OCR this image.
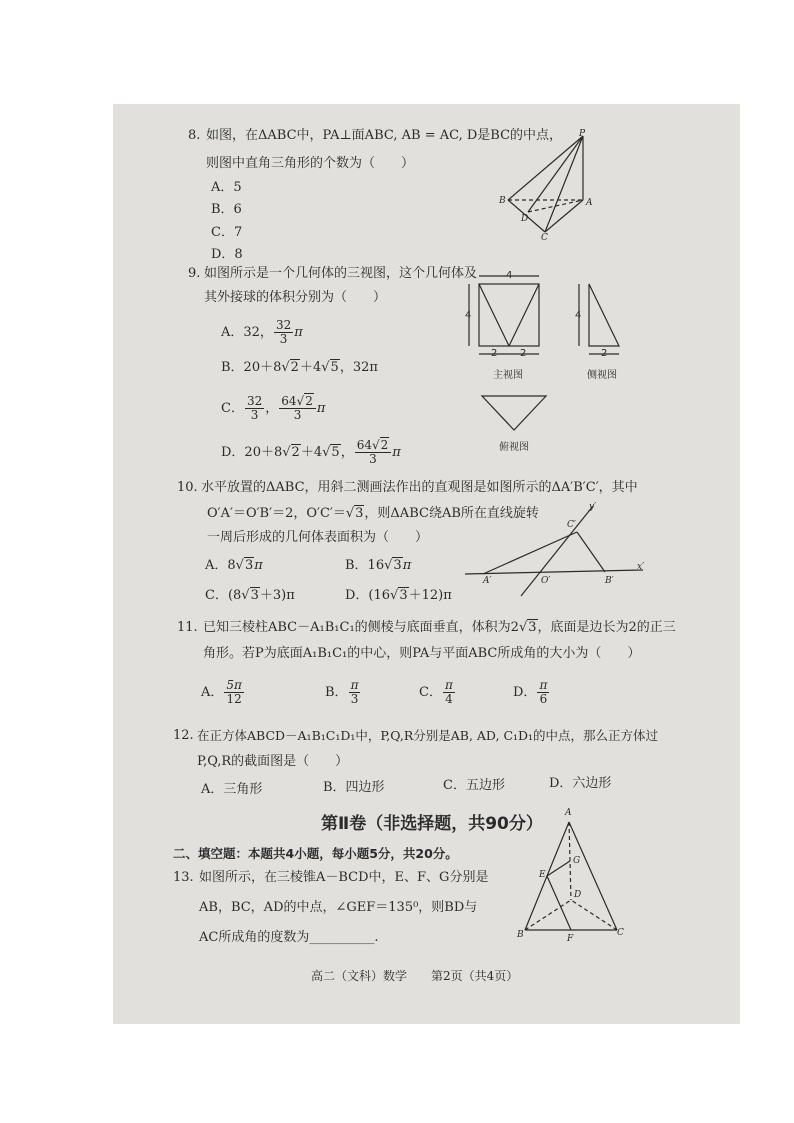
8. 如图，在ΔABC中，PA⊥面ABC, AB = AC, D是BC的中点，
则图中直角三角形的个数为（　　）
A．5
B．6
C．7
D．8
P
B	A
D
C
9. 如图所示是一个几何体的三视图，这个几何体及
其外接球的体积分别为（　　）
A．32， $\frac{32}{3}$ π
B．20＋8√2＋4√5，32π
C． $\frac{32}{3}$ ， $\frac{64√2}{3}$ π
D．20＋8√2＋4√5， $\frac{64√2}{3}$ π
4
4
2 2
主视图
4
2
侧视图
俯视图
10. 水平放置的ΔABC，用斜二测画法作出的直观图是如图所示的ΔA′B′C′，其中
O′A′＝O′B′＝2，O′C′＝√3，则ΔABC绕AB所在直线旋转
一周后形成的几何体表面积为（　　）
A．8√3π	B．16√3π
C．(8√3＋3)π	D．(16√3＋12)π
y′
C′
A′	O′	B′
x′
11. 已知三棱柱ABC－A₁B₁C₁的侧棱与底面垂直，体积为2√3，底面是边长为2的正三
角形。若P为底面A₁B₁C₁的中心，则PA与平面ABC所成角的大小为（　　）
A． $\frac{5\pi}{12}$	B． $\frac{\pi}{3}$	C． $\frac{\pi}{4}$	D． $\frac{\pi}{6}$
12. 在正方体ABCD－A₁B₁C₁D₁中，P,Q,R分别是AB, AD, C₁D₁的中点，那么正方体过
P,Q,R的截面图是（　　）
A．三角形	B．四边形	C．五边形	D．六边形
第Ⅱ卷（非选择题，共90分）
二、填空题：本题共4小题，每小题5分，共20分。
13. 如图所示，在三棱锥A－BCD中，E、F、G分别是
AB，BC，AD的中点，∠GEF＝135⁰，则BD与
AC所成角的度数为__________.
A
G
E
D
B	F
C
高二（文科）数学　　第2页（共4页）
